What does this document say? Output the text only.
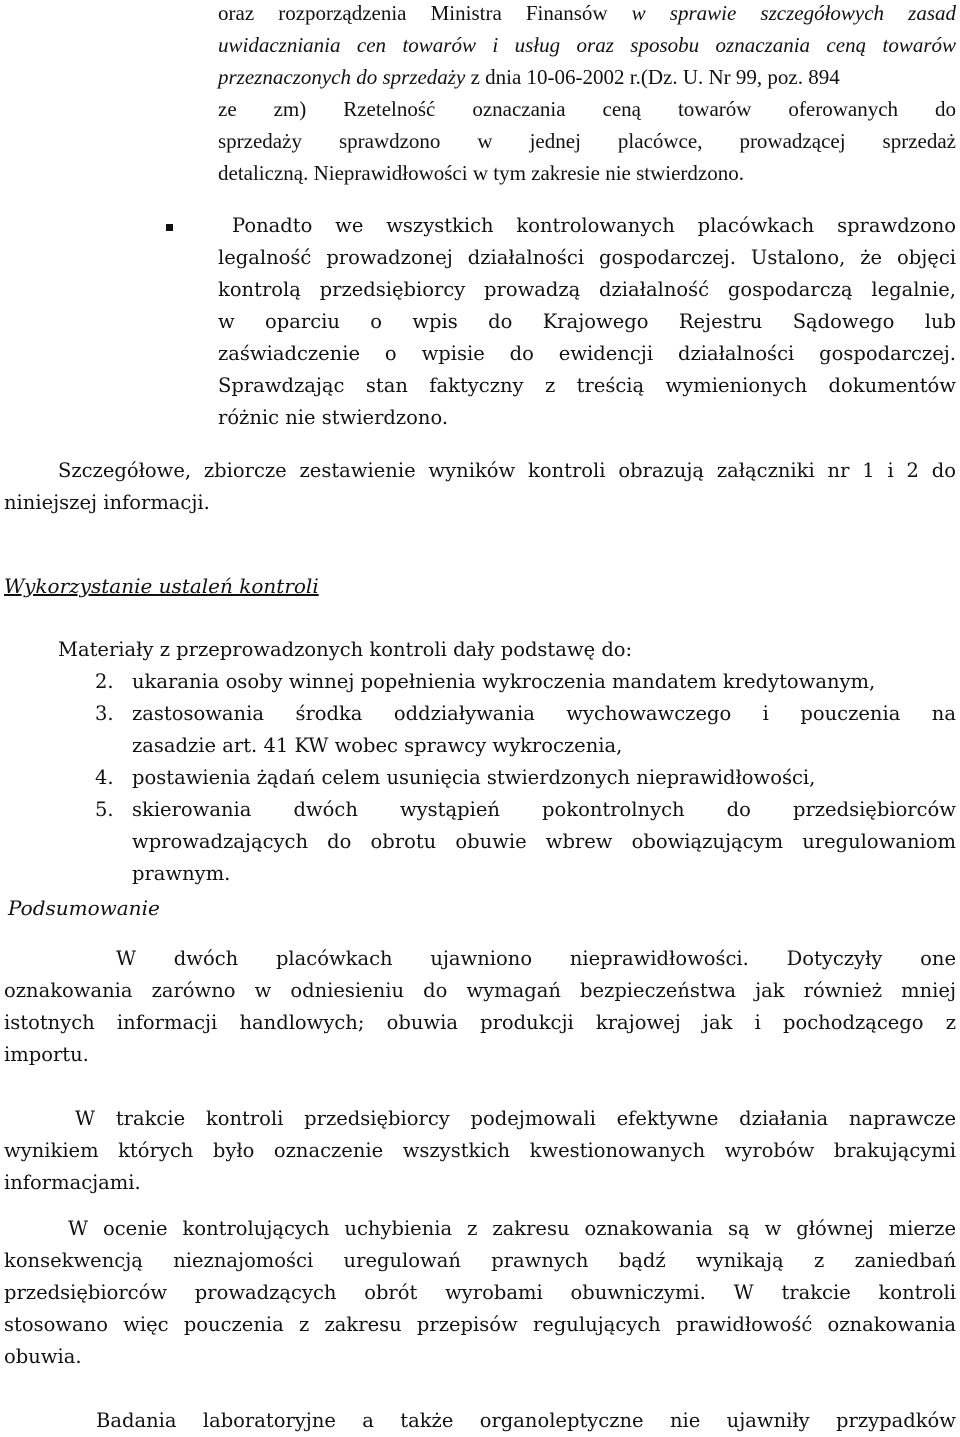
oraz rozporządzenia Ministra Finansów w sprawie szczegółowych zasad
uwidaczniania cen towarów i usług oraz sposobu oznaczania ceną towarów
przeznaczonych do sprzedaży z dnia 10-06-2002 r.(Dz. U. Nr 99, poz. 894
ze zm) Rzetelność oznaczania ceną towarów oferowanych do
sprzedaży sprawdzono w jednej placówce, prowadzącej sprzedaż
detaliczną. Nieprawidłowości w tym zakresie nie stwierdzono.
Ponadto we wszystkich kontrolowanych placówkach sprawdzono
legalność prowadzonej działalności gospodarczej. Ustalono, że objęci
kontrolą przedsiębiorcy prowadzą działalność gospodarczą legalnie,
w oparciu o wpis do Krajowego Rejestru Sądowego lub
zaświadczenie o wpisie do ewidencji działalności gospodarczej.
Sprawdzając stan faktyczny z treścią wymienionych dokumentów
różnic nie stwierdzono.
Szczegółowe, zbiorcze zestawienie wyników kontroli obrazują załączniki nr 1 i 2 do
niniejszej informacji.
Wykorzystanie ustaleń kontroli
Materiały z przeprowadzonych kontroli dały podstawę do:
2. ukarania osoby winnej popełnienia wykroczenia mandatem kredytowanym,
3. zastosowania środka oddziaływania wychowawczego i pouczenia na
zasadzie art. 41 KW wobec sprawcy wykroczenia,
4. postawienia żądań celem usunięcia stwierdzonych nieprawidłowości,
5. skierowania dwóch wystąpień pokontrolnych do przedsiębiorców
wprowadzających do obrotu obuwie wbrew obowiązującym uregulowaniom
prawnym.
Podsumowanie
W dwóch placówkach ujawniono nieprawidłowości. Dotyczyły one
oznakowania zarówno w odniesieniu do wymagań bezpieczeństwa jak również mniej
istotnych informacji handlowych; obuwia produkcji krajowej jak i pochodzącego z
importu.
W trakcie kontroli przedsiębiorcy podejmowali efektywne działania naprawcze
wynikiem których było oznaczenie wszystkich kwestionowanych wyrobów brakującymi
informacjami.
W ocenie kontrolujących uchybienia z zakresu oznakowania są w głównej mierze
konsekwencją nieznajomości uregulowań prawnych bądź wynikają z zaniedbań
przedsiębiorców prowadzących obrót wyrobami obuwniczymi. W trakcie kontroli
stosowano więc pouczenia z zakresu przepisów regulujących prawidłowość oznakowania
obuwia.
Badania laboratoryjne a także organoleptyczne nie ujawniły przypadków
